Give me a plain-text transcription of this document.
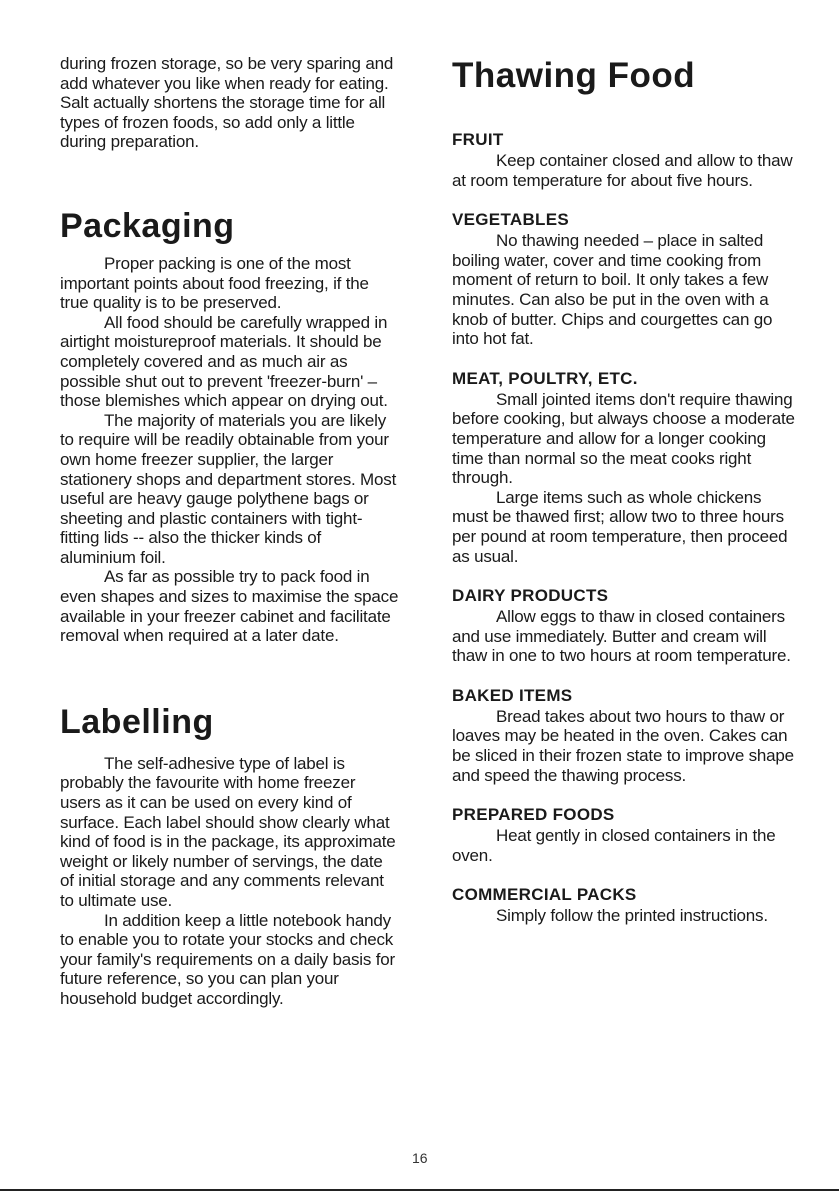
during frozen storage, so be very sparing and add whatever you like when ready for eating. Salt actually shortens the storage time for all types of frozen foods, so add only a little during preparation.

Packaging

Proper packing is one of the most important points about food freezing, if the true quality is to be preserved.

All food should be carefully wrapped in airtight moistureproof materials. It should be completely covered and as much air as possible shut out to prevent 'freezer-burn' – those blemishes which appear on drying out.

The majority of materials you are likely to require will be readily obtainable from your own home freezer supplier, the larger stationery shops and department stores. Most useful are heavy gauge polythene bags or sheeting and plastic containers with tight-fitting lids -- also the thicker kinds of aluminium foil.

As far as possible try to pack food in even shapes and sizes to maximise the space available in your freezer cabinet and facilitate removal when required at a later date.

Labelling

The self-adhesive type of label is probably the favourite with home freezer users as it can be used on every kind of surface. Each label should show clearly what kind of food is in the package, its approximate weight or likely number of servings, the date of initial storage and any comments relevant to ultimate use.

In addition keep a little notebook handy to enable you to rotate your stocks and check your family's requirements on a daily basis for future reference, so you can plan your household budget accordingly.

Thawing Food
FRUIT

Keep container closed and allow to thaw at room temperature for about five hours.

VEGETABLES

No thawing needed – place in salted boiling water, cover and time cooking from moment of return to boil. It only takes a few minutes. Can also be put in the oven with a knob of butter. Chips and courgettes can go into hot fat.

MEAT, POULTRY, ETC.

Small jointed items don't require thawing before cooking, but always choose a moderate temperature and allow for a longer cooking time than normal so the meat cooks right through.

Large items such as whole chickens must be thawed first; allow two to three hours per pound at room temperature, then proceed as usual.

DAIRY PRODUCTS

Allow eggs to thaw in closed containers and use immediately. Butter and cream will thaw in one to two hours at room temperature.

BAKED ITEMS

Bread takes about two hours to thaw or loaves may be heated in the oven. Cakes can be sliced in their frozen state to improve shape and speed the thawing process.

PREPARED FOODS

Heat gently in closed containers in the oven.

COMMERCIAL PACKS

Simply follow the printed instructions.

16
